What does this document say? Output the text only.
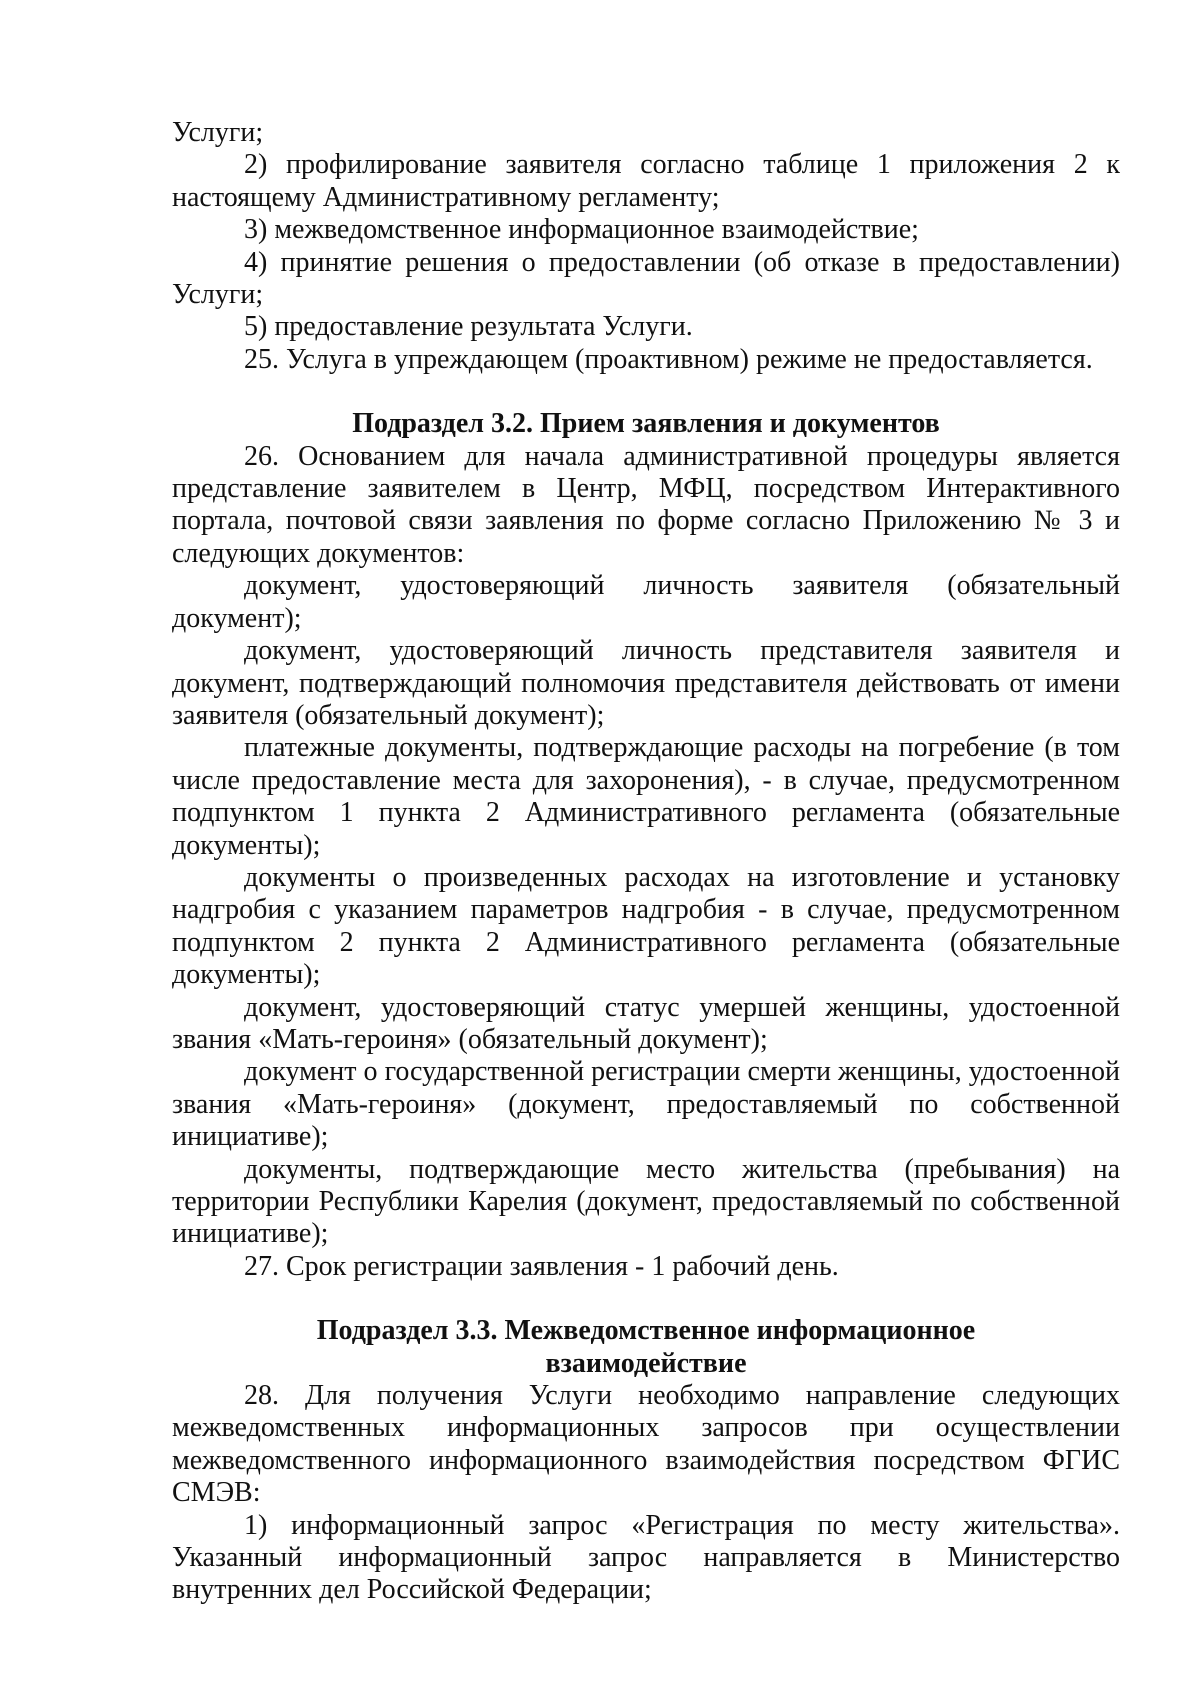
Услуги;

2) профилирование заявителя согласно таблице 1 приложения 2 к настоящему Административному регламенту;

3) межведомственное информационное взаимодействие;

4) принятие решения о предоставлении (об отказе в предоставлении) Услуги;

5) предоставление результата Услуги.

25. Услуга в упреждающем (проактивном) режиме не предоставляется.

Подраздел 3.2. Прием заявления и документов

26. Основанием для начала административной процедуры является представление заявителем в Центр, МФЦ, посредством Интерактивного портала, почтовой связи заявления по форме согласно Приложению № 3 и следующих документов:

документ, удостоверяющий личность заявителя (обязательный документ);

документ, удостоверяющий личность представителя заявителя и документ, подтверждающий полномочия представителя действовать от имени заявителя (обязательный документ);

платежные документы, подтверждающие расходы на погребение (в том числе предоставление места для захоронения), - в случае, предусмотренном подпунктом 1 пункта 2 Административного регламента (обязательные документы);

документы о произведенных расходах на изготовление и установку надгробия с указанием параметров надгробия - в случае, предусмотренном подпунктом 2 пункта 2 Административного регламента (обязательные документы);

документ, удостоверяющий статус умершей женщины, удостоенной звания «Мать-героиня» (обязательный документ);

документ о государственной регистрации смерти женщины, удостоенной звания «Мать-героиня» (документ, предоставляемый по собственной инициативе);

документы, подтверждающие место жительства (пребывания) на территории Республики Карелия (документ, предоставляемый по собственной инициативе);

27. Срок регистрации заявления - 1 рабочий день.

Подраздел 3.3. Межведомственное информационное
взаимодействие

28. Для получения Услуги необходимо направление следующих межведомственных информационных запросов при осуществлении межведомственного информационного взаимодействия посредством ФГИС СМЭВ:

1) информационный запрос «Регистрация по месту жительства». Указанный информационный запрос направляется в Министерство внутренних дел Российской Федерации;
